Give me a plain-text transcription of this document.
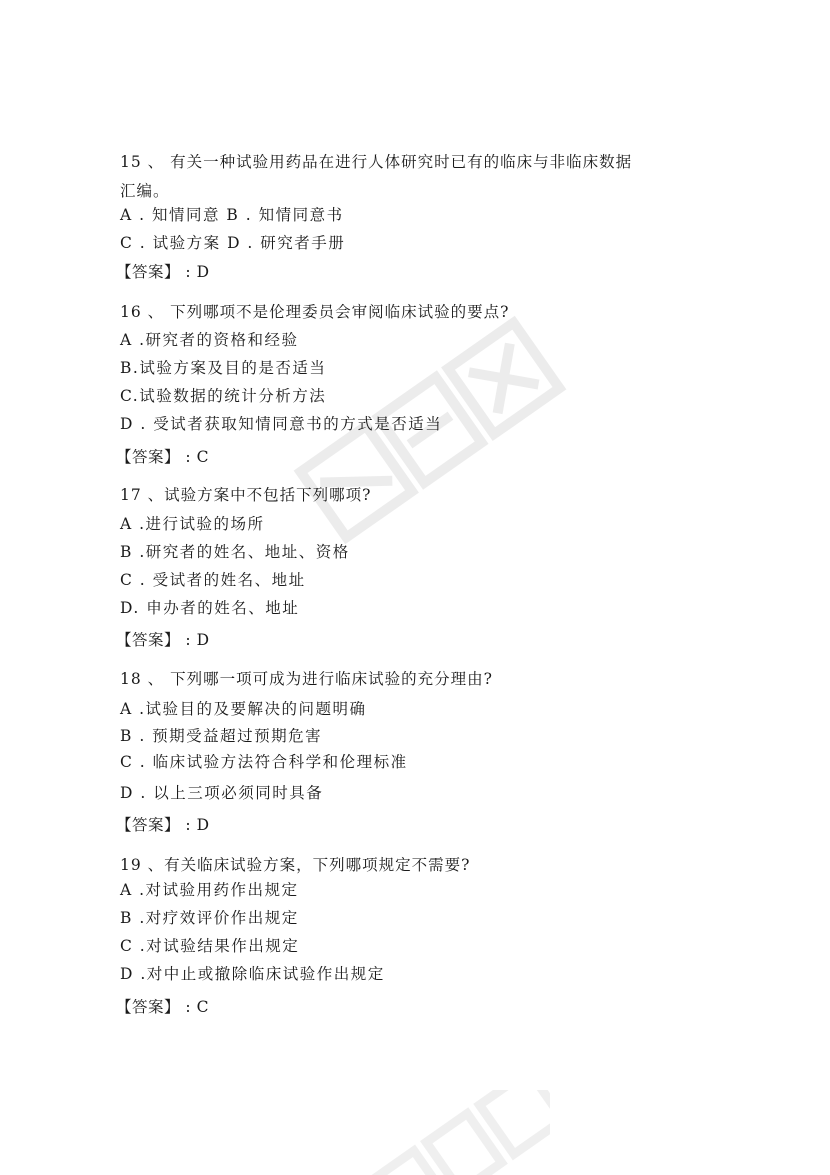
15 、 有关一种试验用药品在进行人体研究时已有的临床与非临床数据
汇编。
A . 知情同意 B . 知情同意书
C . 试验方案 D . 研究者手册
【答案】 : D
16 、 下列哪项不是伦理委员会审阅临床试验的要点?
A .研究者的资格和经验
B.试验方案及目的是否适当
C.试验数据的统计分析方法
D . 受试者获取知情同意书的方式是否适当
【答案】 : C
17 、试验方案中不包括下列哪项?
A .进行试验的场所
B .研究者的姓名、地址、资格
C . 受试者的姓名、地址
D. 申办者的姓名、地址
【答案】 : D
18 、 下列哪一项可成为进行临床试验的充分理由?
A .试验目的及要解决的问题明确
B . 预期受益超过预期危害
C . 临床试验方法符合科学和伦理标准
D . 以上三项必须同时具备
【答案】 : D
19 、有关临床试验方案，下列哪项规定不需要?
A .对试验用药作出规定
B .对疗效评价作出规定
C .对试验结果作出规定
D .对中止或撤除临床试验作出规定
【答案】 : C
